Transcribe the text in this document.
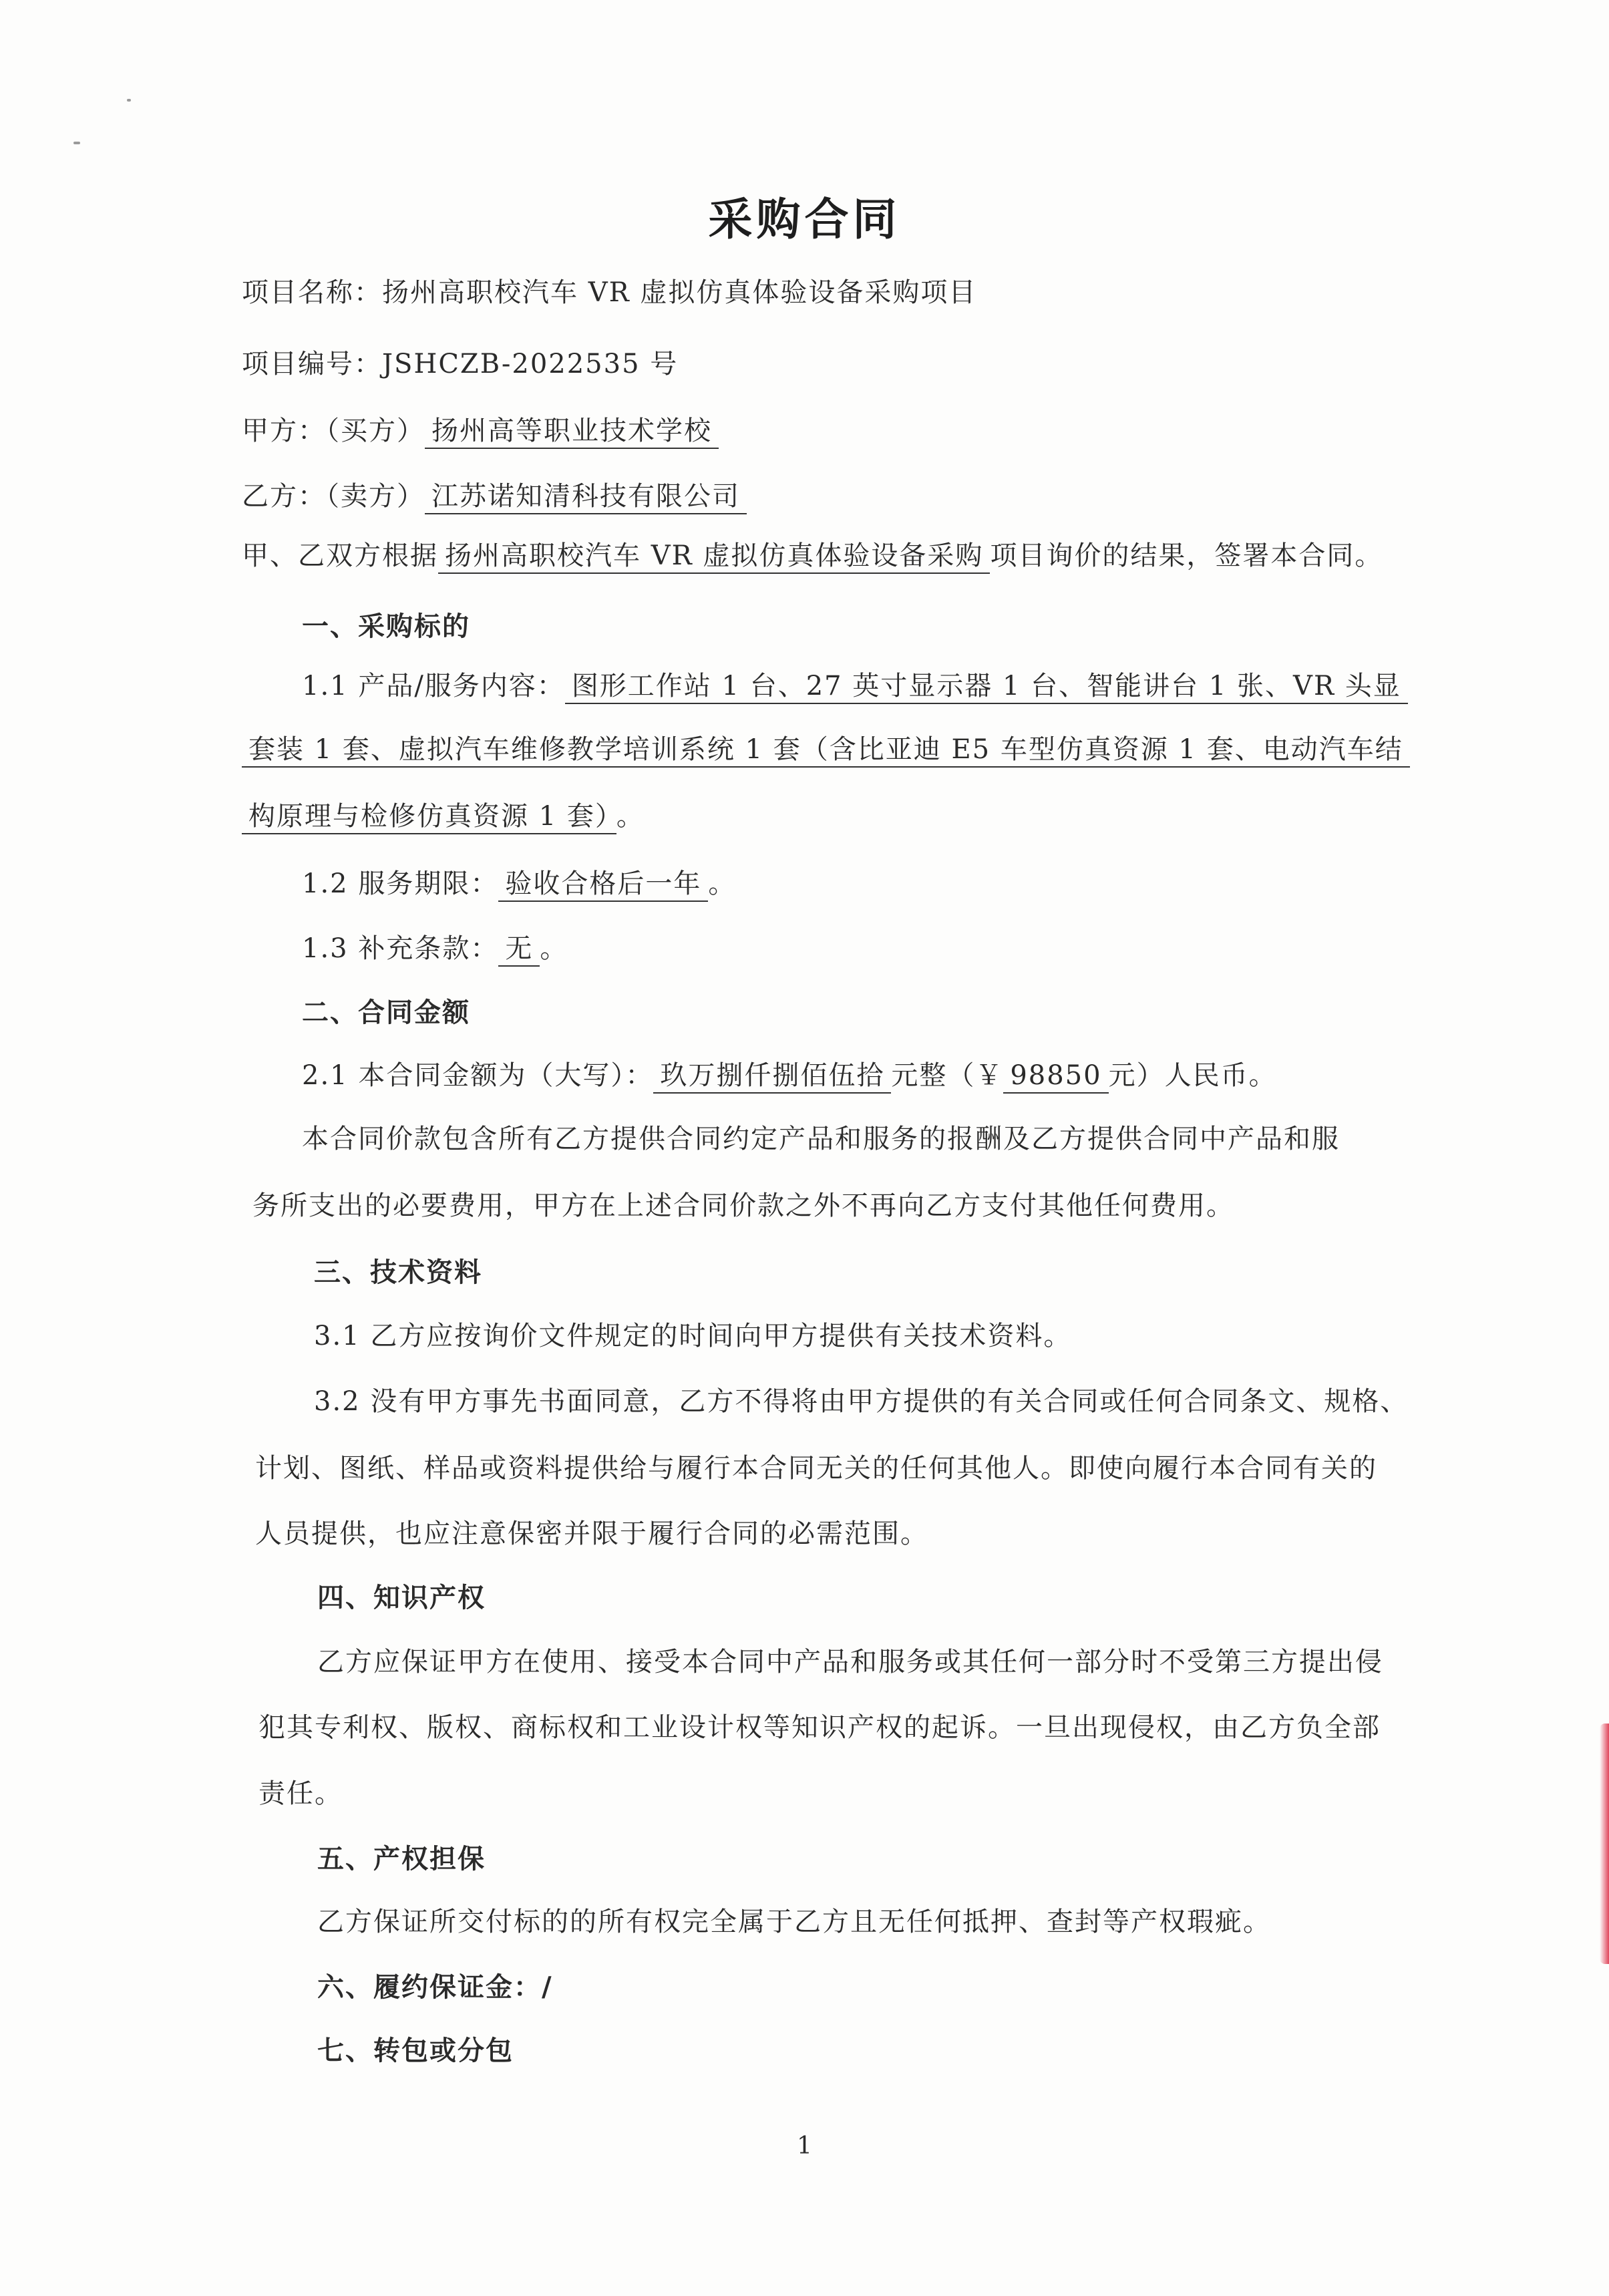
采购合同
项目名称：扬州高职校汽车 VR 虚拟仿真体验设备采购项目
项目编号：JSHCZB-2022535 号
甲方：（买方） 扬州高等职业技术学校
乙方：（卖方） 江苏诺知清科技有限公司
甲、乙双方根据 扬州高职校汽车 VR 虚拟仿真体验设备采购 项目询价的结果，签署本合同。
一、采购标的
1.1 产品/服务内容： 图形工作站 1 台、27 英寸显示器 1 台、智能讲台 1 张、VR 头显
套装 1 套、虚拟汽车维修教学培训系统 1 套（含比亚迪 E5 车型仿真资源 1 套、电动汽车结
构原理与检修仿真资源 1 套） 。
1.2 服务期限： 验收合格后一年 。
1.3 补充条款： 无 。
二、合同金额
2.1 本合同金额为（大写）： 玖万捌仟捌佰伍拾 元整（￥ 98850 元）人民币。
本合同价款包含所有乙方提供合同约定产品和服务的报酬及乙方提供合同中产品和服
务所支出的必要费用，甲方在上述合同价款之外不再向乙方支付其他任何费用。
三、技术资料
3.1 乙方应按询价文件规定的时间向甲方提供有关技术资料。
3.2 没有甲方事先书面同意，乙方不得将由甲方提供的有关合同或任何合同条文、规格、
计划、图纸、样品或资料提供给与履行本合同无关的任何其他人。即使向履行本合同有关的
人员提供，也应注意保密并限于履行合同的必需范围。
四、知识产权
乙方应保证甲方在使用、接受本合同中产品和服务或其任何一部分时不受第三方提出侵
犯其专利权、版权、商标权和工业设计权等知识产权的起诉。一旦出现侵权，由乙方负全部
责任。
五、产权担保
乙方保证所交付标的的所有权完全属于乙方且无任何抵押、查封等产权瑕疵。
六、履约保证金：/
七、转包或分包
1
